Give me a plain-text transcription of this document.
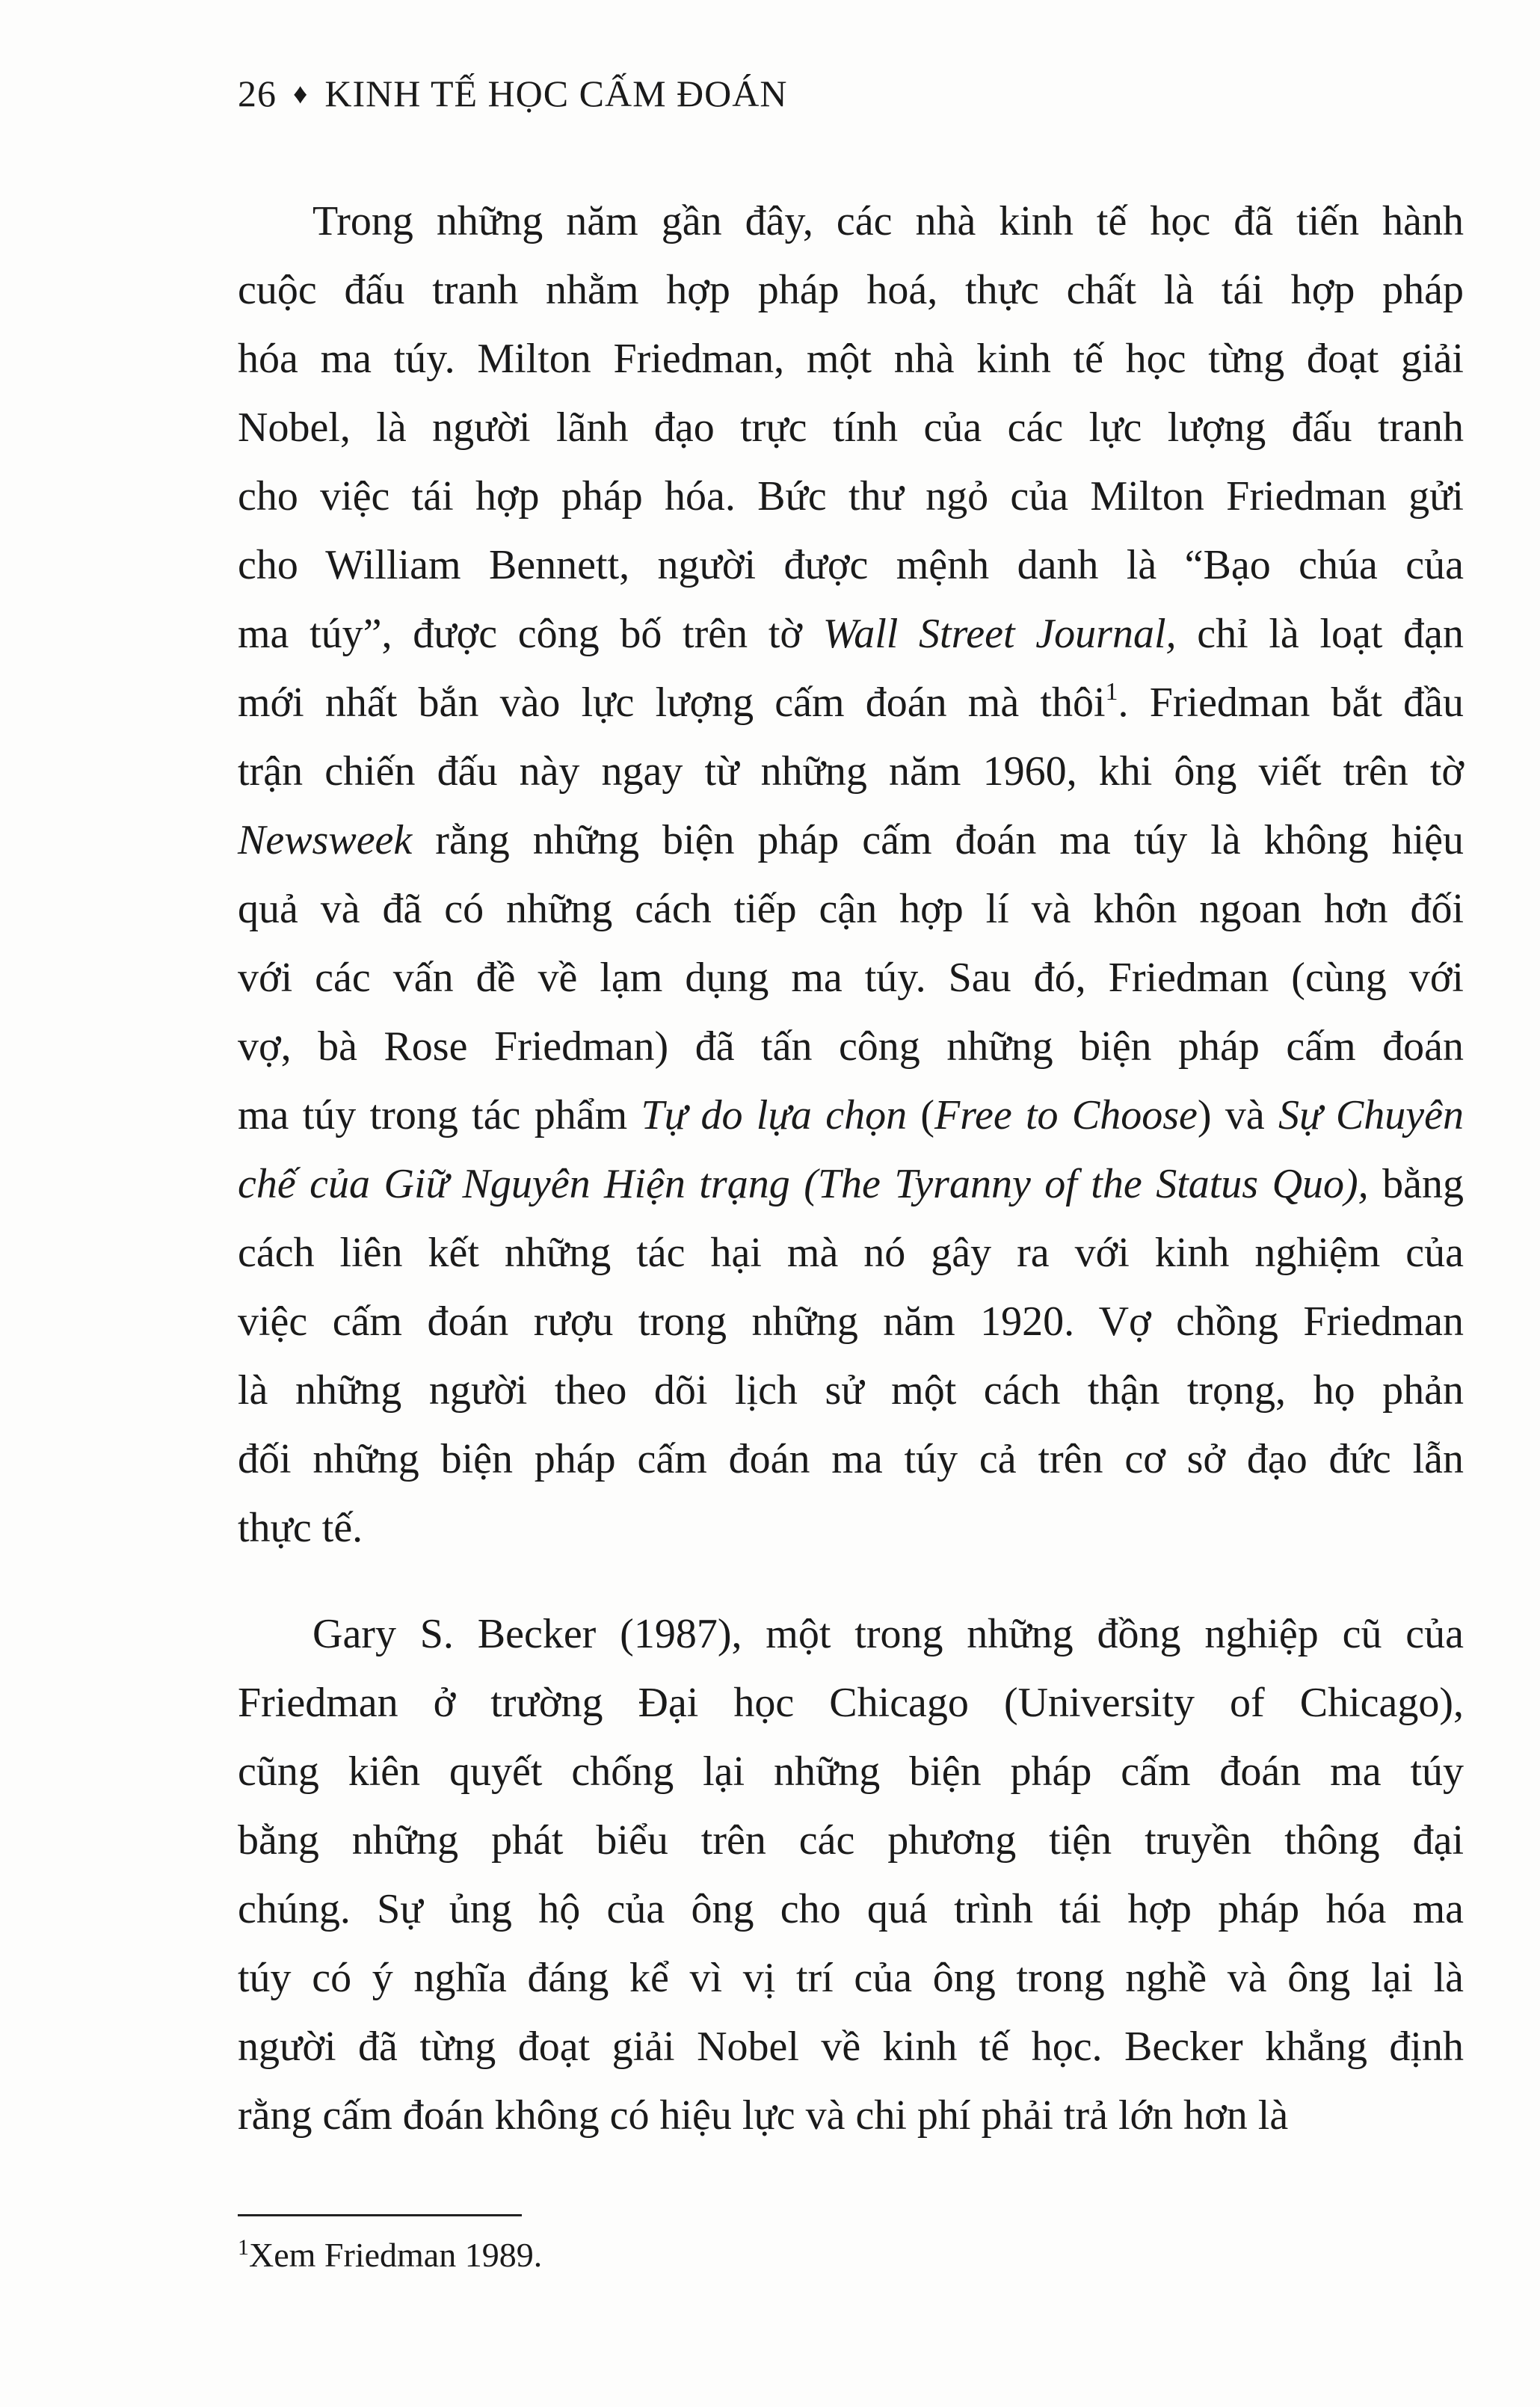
26 ♦ KINH TẾ HỌC CẤM ĐOÁN
Trong những năm gần đây, các nhà kinh tế học đã tiến hành
cuộc đấu tranh nhằm hợp pháp hoá, thực chất là tái hợp pháp
hóa ma túy. Milton Friedman, một nhà kinh tế học từng đoạt giải
Nobel, là người lãnh đạo trực tính của các lực lượng đấu tranh
cho việc tái hợp pháp hóa. Bức thư ngỏ của Milton Friedman gửi
cho William Bennett, người được mệnh danh là “Bạo chúa của
ma túy”, được công bố trên tờ Wall Street Journal, chỉ là loạt đạn
mới nhất bắn vào lực lượng cấm đoán mà thôi$^1$. Friedman bắt đầu
trận chiến đấu này ngay từ những năm 1960, khi ông viết trên tờ
Newsweek rằng những biện pháp cấm đoán ma túy là không hiệu
quả và đã có những cách tiếp cận hợp lí và khôn ngoan hơn đối
với các vấn đề về lạm dụng ma túy. Sau đó, Friedman (cùng với
vợ, bà Rose Friedman) đã tấn công những biện pháp cấm đoán
ma túy trong tác phẩm Tự do lựa chọn (Free to Choose) và Sự Chuyên
chế của Giữ Nguyên Hiện trạng (The Tyranny of the Status Quo), bằng
cách liên kết những tác hại mà nó gây ra với kinh nghiệm của
việc cấm đoán rượu trong những năm 1920. Vợ chồng Friedman
là những người theo dõi lịch sử một cách thận trọng, họ phản
đối những biện pháp cấm đoán ma túy cả trên cơ sở đạo đức lẫn
thực tế.
Gary S. Becker (1987), một trong những đồng nghiệp cũ của
Friedman ở trường Đại học Chicago (University of Chicago),
cũng kiên quyết chống lại những biện pháp cấm đoán ma túy
bằng những phát biểu trên các phương tiện truyền thông đại
chúng. Sự ủng hộ của ông cho quá trình tái hợp pháp hóa ma
túy có ý nghĩa đáng kể vì vị trí của ông trong nghề và ông lại là
người đã từng đoạt giải Nobel về kinh tế học. Becker khẳng định
rằng cấm đoán không có hiệu lực và chi phí phải trả lớn hơn là
$^1$Xem Friedman 1989.
